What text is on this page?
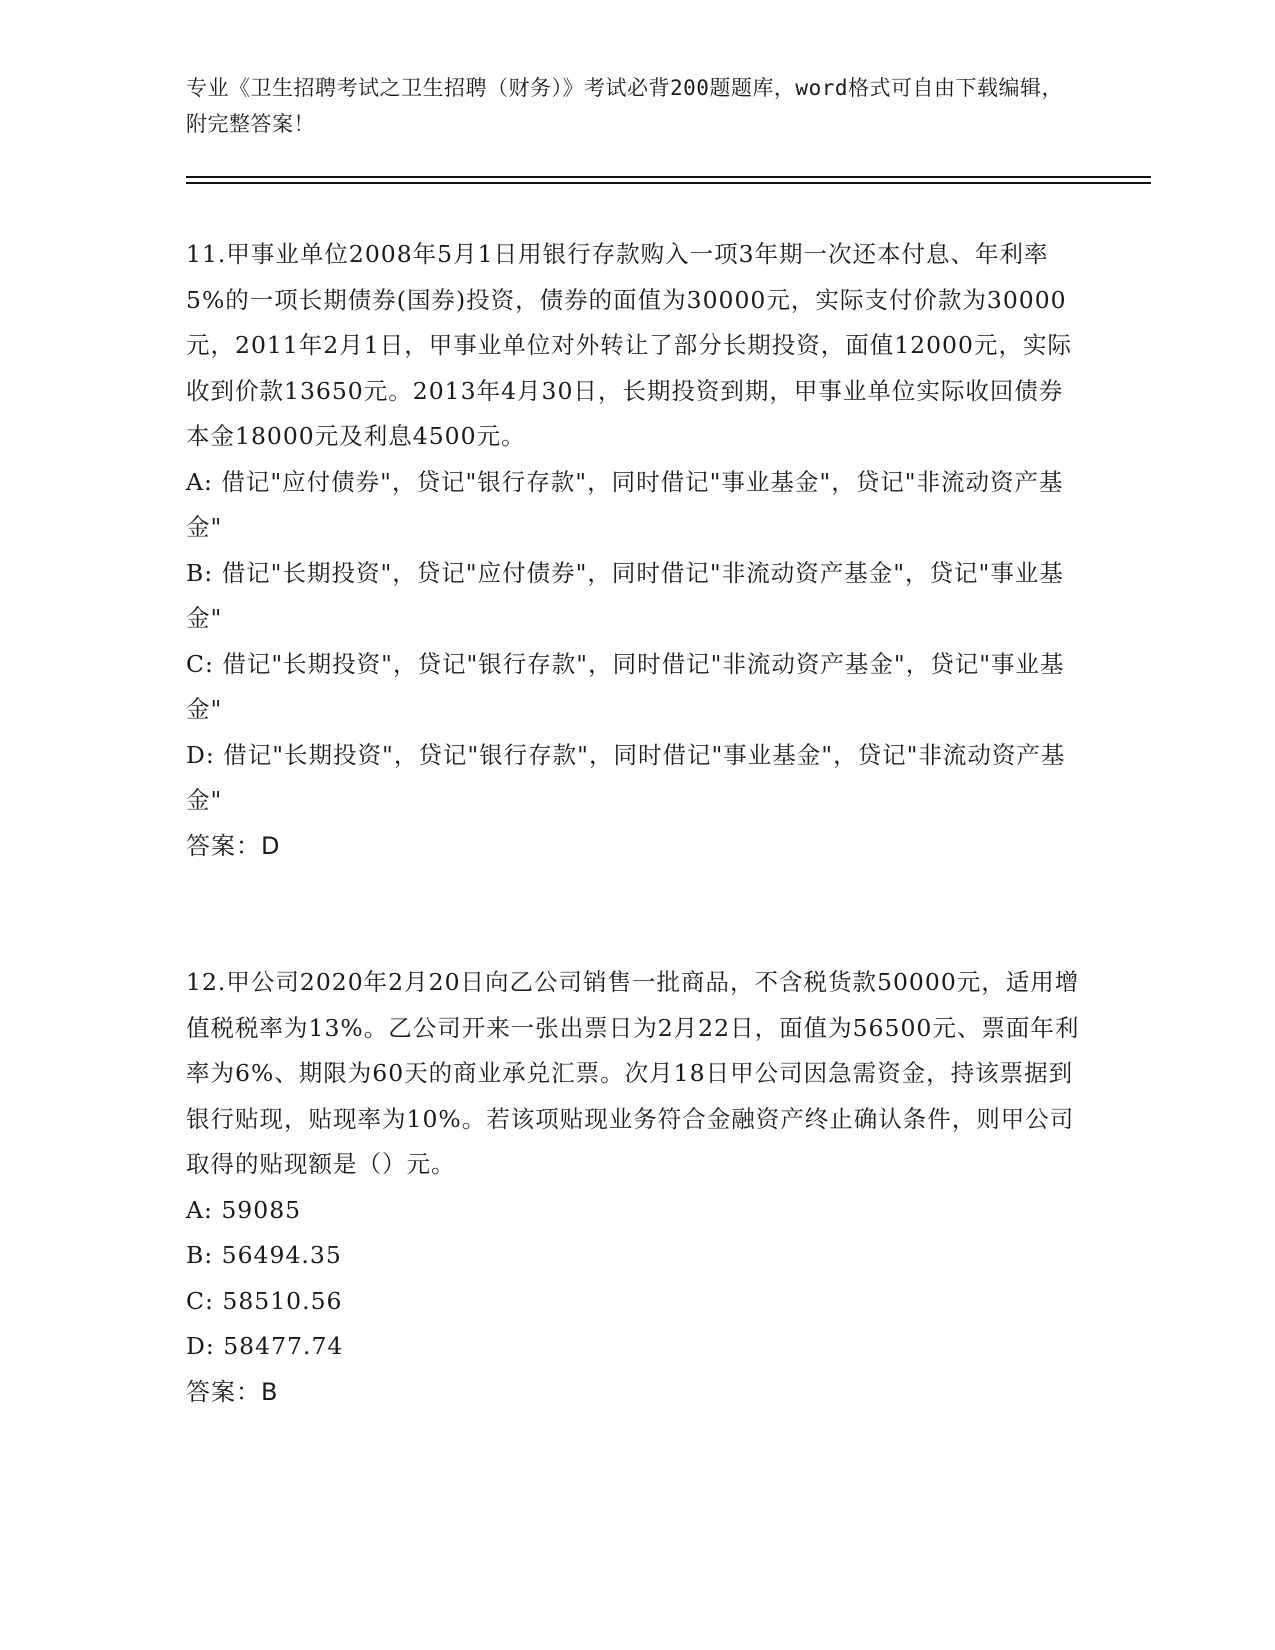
专业《卫生招聘考试之卫生招聘（财务）》考试必背200题题库，word格式可自由下载编辑，附完整答案！

11.甲事业单位2008年5月1日用银行存款购入一项3年期一次还本付息、年利率5%的一项长期债券(国券)投资，债券的面值为30000元，实际支付价款为30000元，2011年2月1日，甲事业单位对外转让了部分长期投资，面值12000元，实际收到价款13650元。2013年4月30日，长期投资到期，甲事业单位实际收回债券本金18000元及利息4500元。

A: 借记"应付债券"，贷记"银行存款"，同时借记"事业基金"，贷记"非流动资产基金"

B: 借记"长期投资"，贷记"应付债券"，同时借记"非流动资产基金"，贷记"事业基金"

C: 借记"长期投资"，贷记"银行存款"，同时借记"非流动资产基金"，贷记"事业基金"

D: 借记"长期投资"，贷记"银行存款"，同时借记"事业基金"，贷记"非流动资产基金"

答案：D

12.甲公司2020年2月20日向乙公司销售一批商品，不含税货款50000元，适用增值税税率为13%。乙公司开来一张出票日为2月22日，面值为56500元、票面年利率为6%、期限为60天的商业承兑汇票。次月18日甲公司因急需资金，持该票据到银行贴现，贴现率为10%。若该项贴现业务符合金融资产终止确认条件，则甲公司取得的贴现额是（）元。

A: 59085

B: 56494.35

C: 58510.56

D: 58477.74

答案：B
